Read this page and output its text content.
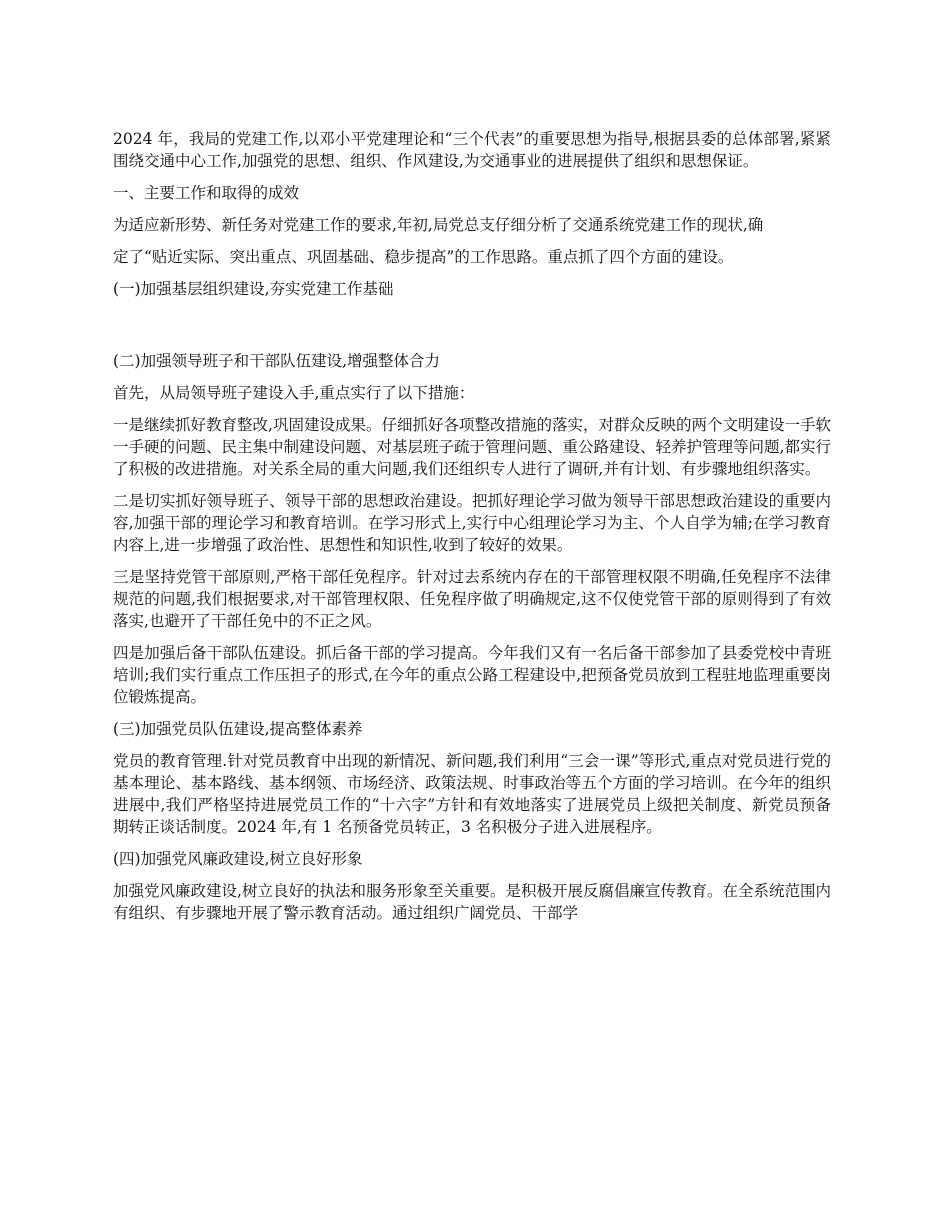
2024 年，我局的党建工作,以邓小平党建理论和“三个代表”的重要思想为指导,根据县委的总体部署,紧紧围绕交通中心工作,加强党的思想、组织、作风建设,为交通事业的进展提供了组织和思想保证。

一、主要工作和取得的成效

为适应新形势、新任务对党建工作的要求,年初,局党总支仔细分析了交通系统党建工作的现状,确

定了“贴近实际、突出重点、巩固基础、稳步提高”的工作思路。重点抓了四个方面的建设。

(一)加强基层组织建设,夯实党建工作基础

(二)加强领导班子和干部队伍建设,增强整体合力

首先，从局领导班子建设入手,重点实行了以下措施：

一是继续抓好教育整改,巩固建设成果。仔细抓好各项整改措施的落实，对群众反映的两个文明建设一手软一手硬的问题、民主集中制建设问题、对基层班子疏于管理问题、重公路建设、轻养护管理等问题,都实行了积极的改进措施。对关系全局的重大问题,我们还组织专人进行了调研,并有计划、有步骤地组织落实。

二是切实抓好领导班子、领导干部的思想政治建设。把抓好理论学习做为领导干部思想政治建设的重要内容,加强干部的理论学习和教育培训。在学习形式上,实行中心组理论学习为主、个人自学为辅;在学习教育内容上,进一步增强了政治性、思想性和知识性,收到了较好的效果。

三是坚持党管干部原则,严格干部任免程序。针对过去系统内存在的干部管理权限不明确,任免程序不法律规范的问题,我们根据要求,对干部管理权限、任免程序做了明确规定,这不仅使党管干部的原则得到了有效落实,也避开了干部任免中的不正之风。

四是加强后备干部队伍建设。抓后备干部的学习提高。今年我们又有一名后备干部参加了县委党校中青班培训;我们实行重点工作压担子的形式,在今年的重点公路工程建设中,把预备党员放到工程驻地监理重要岗位锻炼提高。

(三)加强党员队伍建设,提高整体素养

党员的教育管理.针对党员教育中出现的新情况、新问题,我们利用“三会一课”等形式,重点对党员进行党的基本理论、基本路线、基本纲领、市场经济、政策法规、时事政治等五个方面的学习培训。在今年的组织进展中,我们严格坚持进展党员工作的“十六字”方针和有效地落实了进展党员上级把关制度、新党员预备期转正谈话制度。2024 年,有 1 名预备党员转正，3 名积极分子进入进展程序。

(四)加强党风廉政建设,树立良好形象

加强党风廉政建设,树立良好的执法和服务形象至关重要。是积极开展反腐倡廉宣传教育。在全系统范围内有组织、有步骤地开展了警示教育活动。通过组织广阔党员、干部学
